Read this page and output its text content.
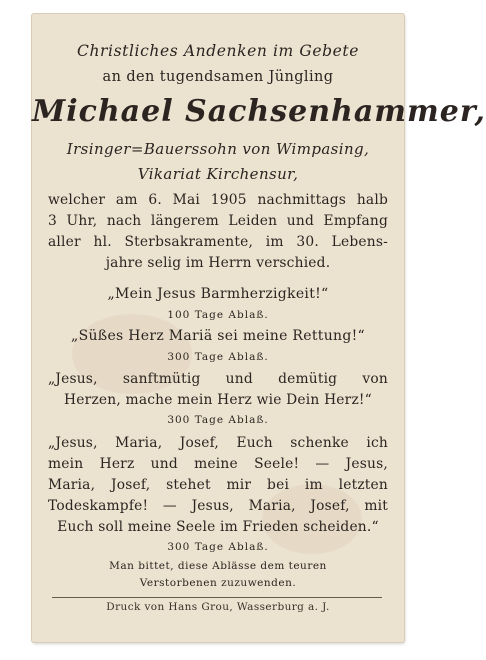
Christliches Andenken im Gebete
an den tugendsamen Jüngling
Michael Sachsenhammer,
Irsinger=Bauerssohn von Wimpasing,
Vikariat Kirchensur,
welcher am 6. Mai 1905 nachmittags halb
3 Uhr, nach längerem Leiden und Empfang
aller hl. Sterbsakramente, im 30. Lebens-
jahre selig im Herrn verschied.
„Mein Jesus Barmherzigkeit!“
100 Tage Ablaß.
„Süßes Herz Mariä sei meine Rettung!“
300 Tage Ablaß.
„Jesus, sanftmütig und demütig von
Herzen, mache mein Herz wie Dein Herz!“
300 Tage Ablaß.
„Jesus, Maria, Josef, Euch schenke ich
mein Herz und meine Seele! — Jesus,
Maria, Josef, stehet mir bei im letzten
Todeskampfe! — Jesus, Maria, Josef, mit
Euch soll meine Seele im Frieden scheiden.“
300 Tage Ablaß.
Man bittet, diese Ablässe dem teuren
Verstorbenen zuzuwenden.
Druck von Hans Grou, Wasserburg a. J.
